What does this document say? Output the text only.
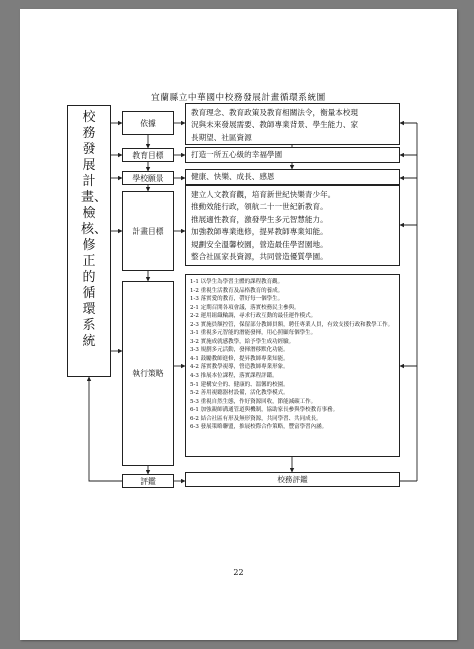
宜蘭縣立中華國中校務發展計畫循環系統圖
校務發展計畫、檢核、修正的循環系統
依據
教育理念、教育政策及教育相關法令，衡量本校現
況與未來發展需要、教師專業背景、學生能力、家
長期望、社區資源
教育目標	打造一所五心級的幸福學園
學校願景	健康、快樂、成長、感恩
計畫目標
建立人文教育觀，培育新世紀快樂青少年。
推動效能行政，領航二十一世紀新教育。
推展適性教育，激發學生多元智慧能力。
加強教師專業進修，提昇教師專業知能。
規劃安全溫馨校園，營造最佳學習園地。
整合社區家長資源，共同營造優質學園。
執行策略
1-1 以學生為學習主體的課程教育觀。
1-2 重視生活教育及品格教育的養成。
1-3 落實愛的教育，帶好每一個學生。
2-1 定期召開各項會議，落實校務民主參與。
2-2 運用組織輪調，尋求行政互動的最佳運作模式。
2-3 實施員額控管，保留部分教師員額，聘任專業人員，有效支援行政和教學工作。
3-1 重視多元智能的潛能發揮，用心照顧每個學生。
3-2 實施成就感教學，給予學生成功經驗。
3-3 規劃多元活動，發揮潛移默化功能。
4-1 鼓勵教師進修，提昇教師專業知能。
4-2 落實教學視導，營造教師專業形象。
4-3 推展本位課程，落實課程評鑑。
5-1 建構安全的、健康的、溫馨的校園。
5-2 善用視聽器材設備，活化教學模式。
5-3 重視自然生態，作好資源回收，節能減碳工作。
6-1 加強親師溝通管道與機制，協助家長參與學校教育事務。
6-2 結合社區有形及無形資源，共同學習、共同成長。
6-3 發展策略聯盟，推展校際合作策略，豐富學習內涵。
評鑑	校務評鑑
22
